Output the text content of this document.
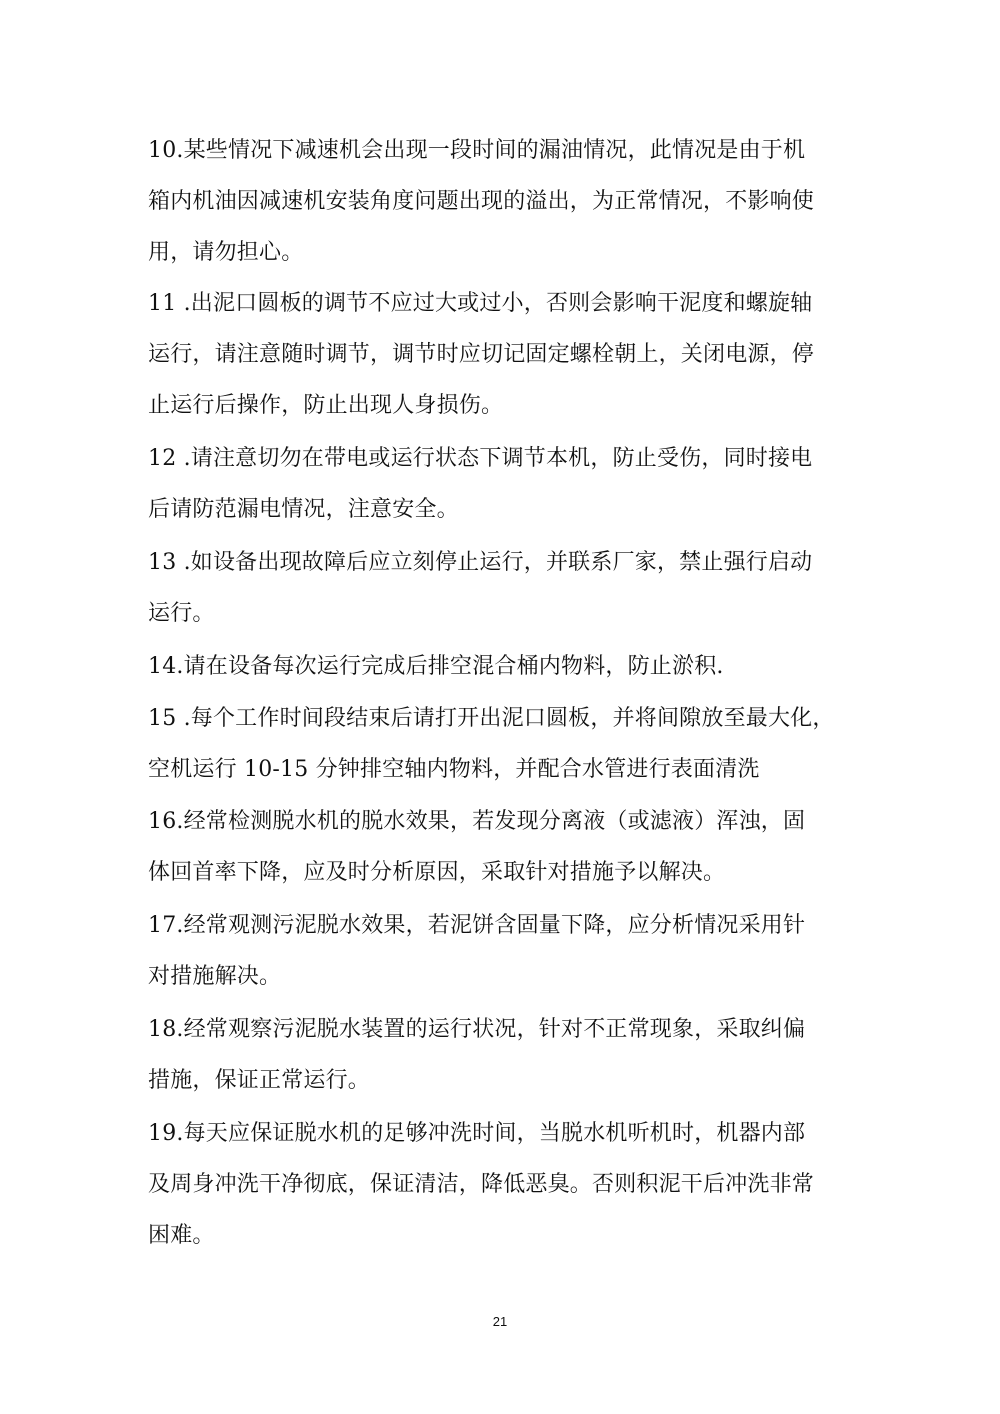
10.某些情况下减速机会出现一段时间的漏油情况，此情况是由于机
箱内机油因减速机安装角度问题出现的溢出，为正常情况，不影响使
用，请勿担心。
11 .出泥口圆板的调节不应过大或过小，否则会影响干泥度和螺旋轴
运行，请注意随时调节，调节时应切记固定螺栓朝上，关闭电源，停
止运行后操作，防止出现人身损伤。
12 .请注意切勿在带电或运行状态下调节本机，防止受伤，同时接电
后请防范漏电情况，注意安全。
13 .如设备出现故障后应立刻停止运行，并联系厂家，禁止强行启动
运行。
14.请在设备每次运行完成后排空混合桶内物料，防止淤积.
15 .每个工作时间段结束后请打开出泥口圆板，并将间隙放至最大化，
空机运行 10-15 分钟排空轴内物料，并配合水管进行表面清洗
16.经常检测脱水机的脱水效果，若发现分离液（或滤液）浑浊，固
体回首率下降，应及时分析原因，采取针对措施予以解决。
17.经常观测污泥脱水效果，若泥饼含固量下降，应分析情况采用针
对措施解决。
18.经常观察污泥脱水装置的运行状况，针对不正常现象，采取纠偏
措施，保证正常运行。
19.每天应保证脱水机的足够冲洗时间，当脱水机听机时，机器内部
及周身冲洗干净彻底，保证清洁，降低恶臭。否则积泥干后冲洗非常
困难。
21
